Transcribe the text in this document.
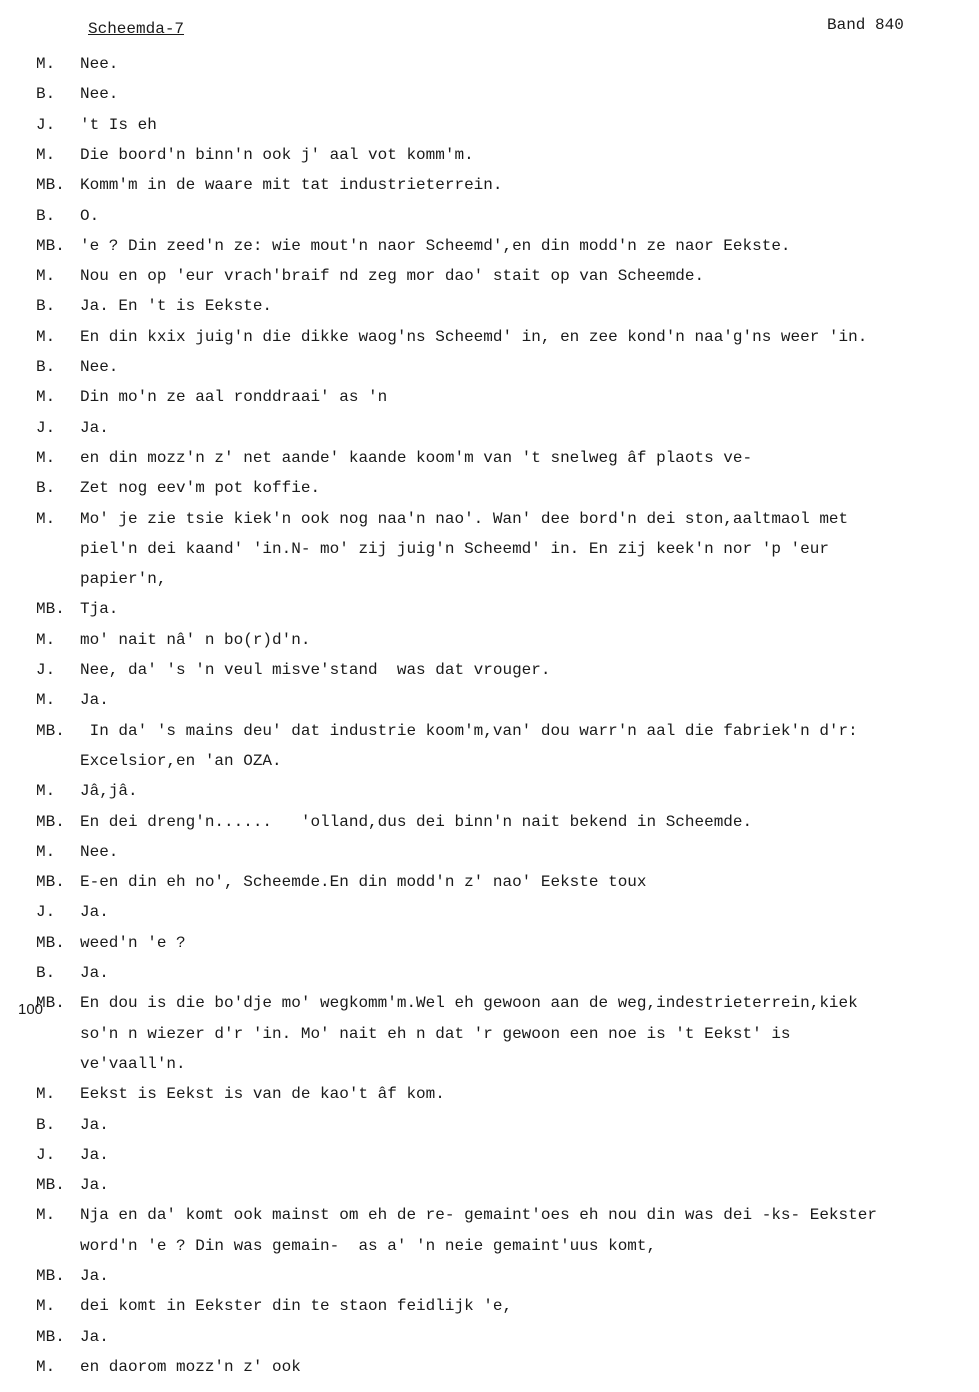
Scheemda-7	Band 840
100
M. Nee.
B. Nee.
J. 't Is eh
M. Die boord'n binn'n ook j' aal vot komm'm.
MB. Komm'm in de waare mit tat industrieterrein.
B. O.
MB. 'e ? Din zeed'n ze: wie mout'n naor Scheemd',en din modd'n ze naor Eekste.
M. Nou en op 'eur vrach'braif nd zeg mor dao' stait op van Scheemde.
B. Ja. En 't is Eekste.
M. En din kxix juig'n die dikke waog'ns Scheemd' in, en zee kond'n naa'g'ns weer 'in.
B. Nee.
M. Din mo'n ze aal ronddraai' as 'n
J. Ja.
M. en din mozz'n z' net aande' kaande koom'm van 't snelweg âf plaots ve-
B. Zet nog eev'm pot koffie.
M. Mo' je zie tsie kiek'n ook nog naa'n nao'. Wan' dee bord'n dei ston,aaltmaol met
piel'n dei kaand' 'in.N- mo' zij juig'n Scheemd' in. En zij keek'n nor 'p 'eur
papier'n,
MB. Tja.
M. mo' nait nâ' n bo(r)d'n.
J. Nee, da' 's 'n veul misve'stand  was dat vrouger.
M. Ja.
MB. In da' 's mains deu' dat industrie koom'm,van' dou warr'n aal die fabriek'n d'r:
Excelsior,en 'an OZA.
M. Jâ,jâ.
MB. En dei dreng'n......   'olland,dus dei binn'n nait bekend in Scheemde.
M. Nee.
MB. E-en din eh no', Scheemde.En din modd'n z' nao' Eekste toux
J. Ja.
MB. weed'n 'e ?
B. Ja.
MB. En dou is die bo'dje mo' wegkomm'm.Wel eh gewoon aan de weg,indestrieterrein,kiek
so'n n wiezer d'r 'in. Mo' nait eh n dat 'r gewoon een noe is 't Eekst' is
ve'vaall'n.
M. Eekst is Eekst is van de kao't âf kom.
B. Ja.
J. Ja.
MB. Ja.
M. Nja en da' komt ook mainst om eh de re- gemaint'oes eh nou din was dei -ks- Eekster
word'n 'e ? Din was gemain-  as a' 'n neie gemaint'uus komt,
MB. Ja.
M. dei komt in Eekster din te staon feidlijk 'e,
MB. Ja.
M. en daorom mozz'n z' ook
